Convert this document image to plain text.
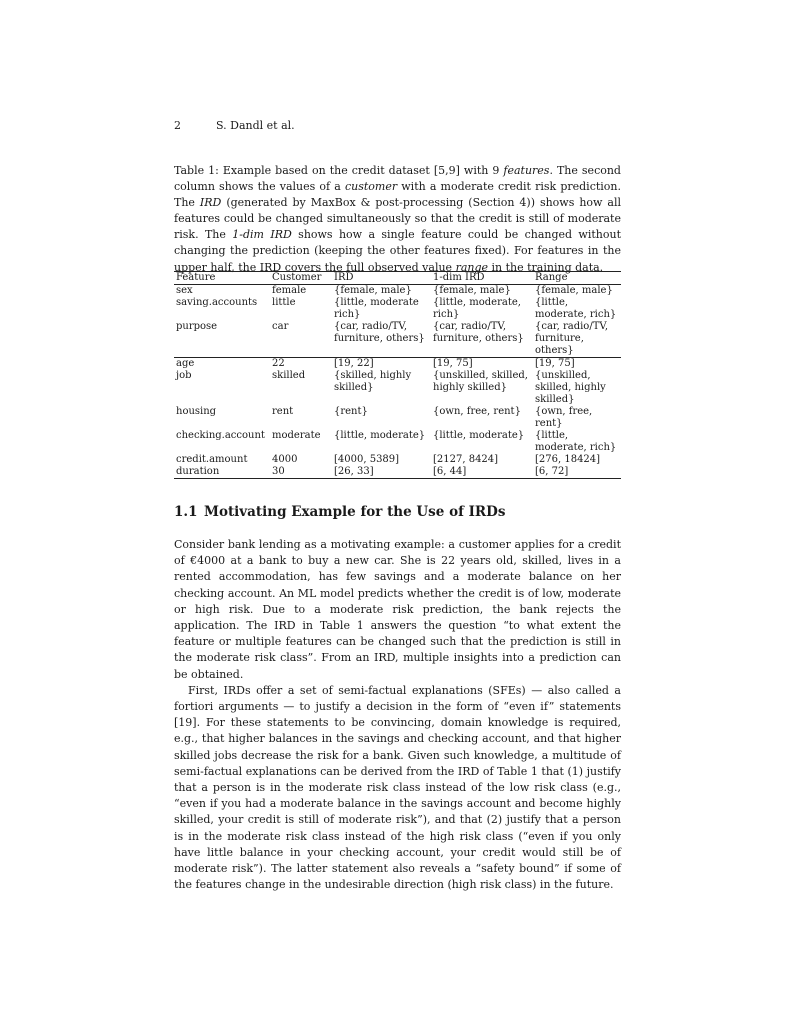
2	S. Dandl et al.

Table 1: Example based on the credit dataset [5,9] with 9 features. The second column shows the values of a customer with a moderate credit risk prediction. The IRD (generated by MaxBox & post-processing (Section 4)) shows how all features could be changed simultaneously so that the credit is still of moderate risk. The 1-dim IRD shows how a single feature could be changed without changing the prediction (keeping the other features fixed). For features in the upper half, the IRD covers the full observed value range in the training data.

Feature	Customer	IRD	1-dim IRD	Range
sex	female	{female, male}	{female, male}	{female, male}
saving.accounts	little	{little, moderate rich}	{little, moderate, rich}	{little, moderate, rich}
purpose	car	{car, radio/TV, furniture, others}	{car, radio/TV, furniture, others}	{car, radio/TV, furniture, others}
age	22	[19, 22]	[19, 75]	[19, 75]
job	skilled	{skilled, highly skilled}	{unskilled, skilled, highly skilled}	{unskilled, skilled, highly skilled}
housing	rent	{rent}	{own, free, rent}	{own, free, rent}
checking.account	moderate	{little, moderate}	{little, moderate}	{little, moderate, rich}
credit.amount	4000	[4000, 5389]	[2127, 8424]	[276, 18424]
duration	30	[26, 33]	[6, 44]	[6, 72]
1.1 Motivating Example for the Use of IRDs

Consider bank lending as a motivating example: a customer applies for a credit of €4000 at a bank to buy a new car. She is 22 years old, skilled, lives in a rented accommodation, has few savings and a moderate balance on her checking account. An ML model predicts whether the credit is of low, moderate or high risk. Due to a moderate risk prediction, the bank rejects the application. The IRD in Table 1 answers the question “to what extent the feature or multiple features can be changed such that the prediction is still in the moderate risk class”. From an IRD, multiple insights into a prediction can be obtained.

First, IRDs offer a set of semi-factual explanations (SFEs) — also called a fortiori arguments — to justify a decision in the form of “even if” statements [19]. For these statements to be convincing, domain knowledge is required, e.g., that higher balances in the savings and checking account, and that higher skilled jobs decrease the risk for a bank. Given such knowledge, a multitude of semi-factual explanations can be derived from the IRD of Table 1 that (1) justify that a person is in the moderate risk class instead of the low risk class (e.g., “even if you had a moderate balance in the savings account and become highly skilled, your credit is still of moderate risk”), and that (2) justify that a person is in the moderate risk class instead of the high risk class (“even if you only have little balance in your checking account, your credit would still be of moderate risk”). The latter statement also reveals a “safety bound” if some of the features change in the undesirable direction (high risk class) in the future.
